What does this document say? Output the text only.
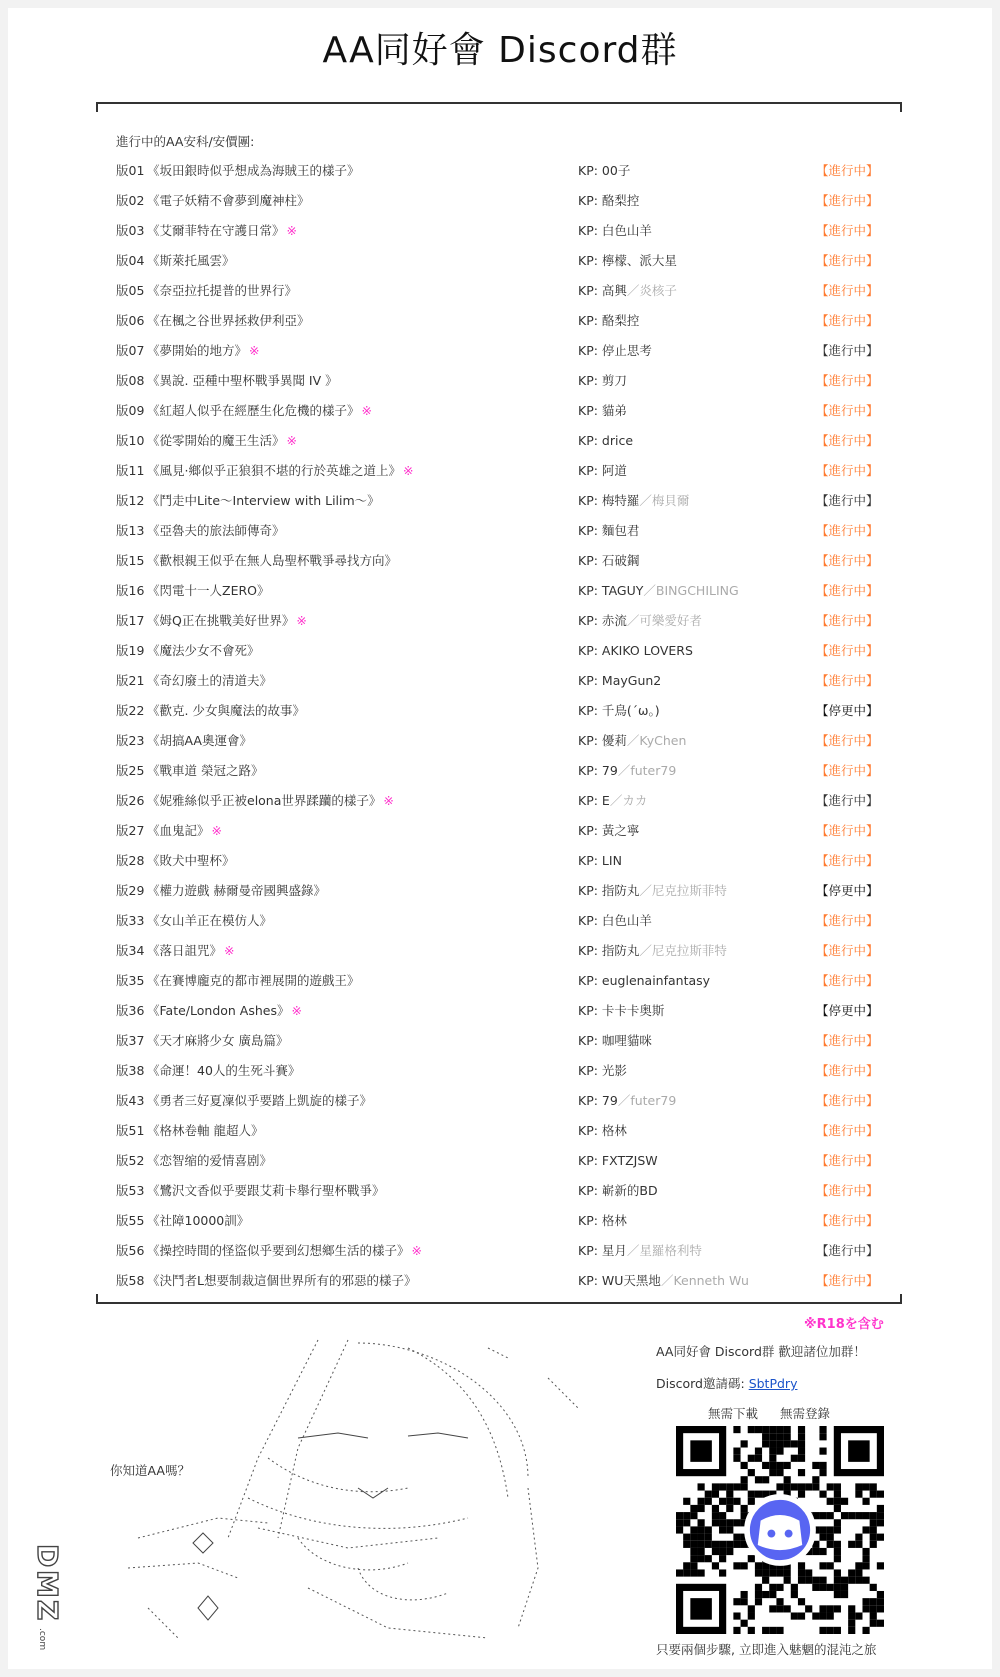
AA同好會 Discord群
進行中的AA安科/安價團:
版01 《坂田銀時似乎想成為海賊王的樣子》	KP: 00子	【進行中】
版02 《電子妖精不會夢到魔神柱》	KP: 酪梨控	【進行中】
版03 《艾爾菲特在守護日常》 ※	KP: 白色山羊	【進行中】
版04 《斯萊托風雲》	KP: 檸檬、派大星	【進行中】
版05 《奈亞拉托提普的世界行》	KP: 高興／炎核子	【進行中】
版06 《在楓之谷世界拯救伊利亞》	KP: 酪梨控	【進行中】
版07 《夢開始的地方》 ※	KP: 停止思考	【進行中】
版08 《異說. 亞種中聖杯戰爭異聞 IV 》	KP: 剪刀	【進行中】
版09 《紅超人似乎在經歷生化危機的樣子》 ※	KP: 貓弟	【進行中】
版10 《從零開始的魔王生活》 ※	KP: drice	【進行中】
版11 《風見·鄉似乎正狼狽不堪的行於英雄之道上》 ※	KP: 阿道	【進行中】
版12 《鬥走中Lite～Interview with Lilim～》	KP: 梅特羅／梅貝爾	【進行中】
版13 《亞魯夫的旅法師傳奇》	KP: 麵包君	【進行中】
版15 《歡根親王似乎在無人島聖杯戰爭尋找方向》	KP: 石破鋼	【進行中】
版16 《閃電十一人ZERO》	KP: TAGUY／BINGCHILING	【進行中】
版17 《姆Q正在挑戰美好世界》 ※	KP: 赤流／可樂愛好者	【進行中】
版19 《魔法少女不會死》	KP: AKIKO LOVERS	【進行中】
版21 《奇幻廢土的清道夫》	KP: MayGun2	【進行中】
版22 《歡克. 少女與魔法的故事》	KP: 千鳥(´ω。)	【停更中】
版23 《胡搞AA奧運會》	KP: 優莉／KyChen	【進行中】
版25 《戰車道 榮冠之路》	KP: 79／futer79	【進行中】
版26 《妮雅絲似乎正被elona世界蹂躪的樣子》 ※	KP: E／カカ	【進行中】
版27 《血鬼記》 ※	KP: 黃之寧	【進行中】
版28 《敗犬中聖杯》	KP: LIN	【進行中】
版29 《權力遊戲 赫爾曼帝國興盛錄》	KP: 指防丸／尼克拉斯菲特	【停更中】
版33 《女山羊正在模仿人》	KP: 白色山羊	【進行中】
版34 《落日詛咒》 ※	KP: 指防丸／尼克拉斯菲特	【進行中】
版35 《在賽博龐克的都市裡展開的遊戲王》	KP: euglenainfantasy	【進行中】
版36 《Fate/London Ashes》 ※	KP: 卡卡卡奥斯	【停更中】
版37 《天才麻將少女 廣島篇》	KP: 咖哩貓咪	【進行中】
版38 《命運！40人的生死斗賽》	KP: 光影	【進行中】
版43 《勇者三好夏凜似乎要踏上凱旋的樣子》	KP: 79／futer79	【進行中】
版51 《格林卷軸 龍超人》	KP: 格林	【進行中】
版52 《恋智缩的爱情喜剧》	KP: FXTZJSW	【進行中】
版53 《鷺沢文香似乎要跟艾莉卡舉行聖杯戰爭》	KP: 嶄新的BD	【進行中】
版55 《社障10000訓》	KP: 格林	【進行中】
版56 《操控時間的怪盜似乎要到幻想鄉生活的樣子》 ※	KP: 星月／星羅格利特	【進行中】
版58 《決鬥者L想要制裁這個世界所有的邪惡的樣子》	KP: WU天黑地／Kenneth Wu	【進行中】
※R18を含む
你知道AA嗎？
AA同好會 Discord群 歡迎諸位加群！
Discord邀請碼: SbtPdry
無需下載 無需登錄
只要兩個步驟, 立即進入魅魍的混沌之旅
D
M
Z
.com
